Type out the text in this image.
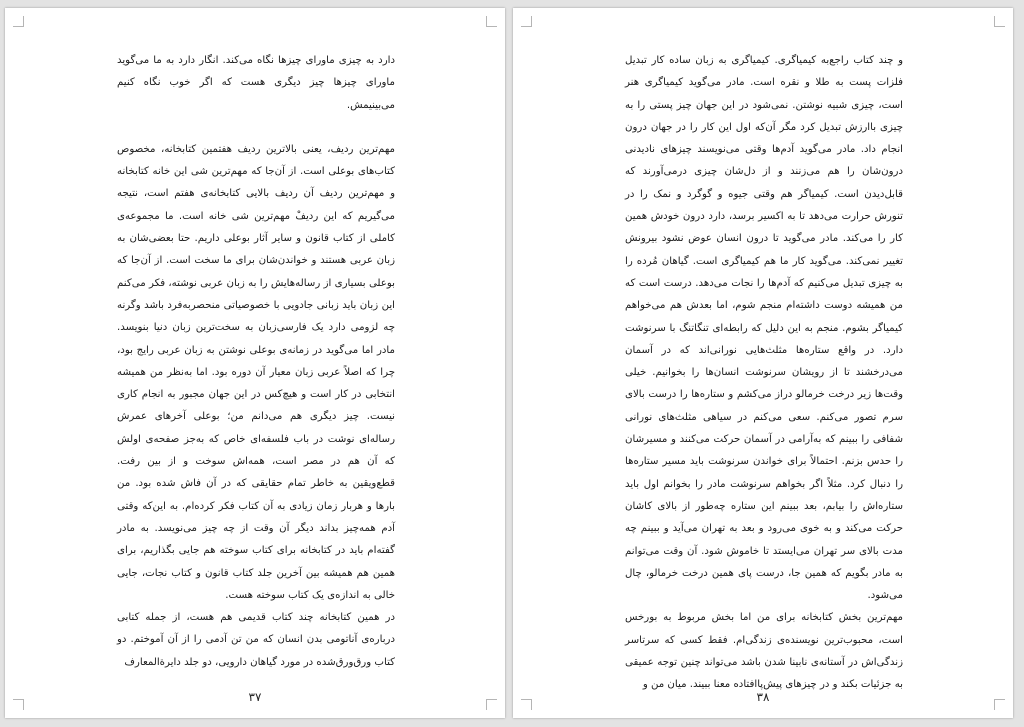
دارد به چیزی ماورای چیزها نگاه می‌کند. انگار دارد به ما می‌گوید ماورای چیزها چیز دیگری هست که اگر خوب نگاه کنیم می‌بینیمش.

مهم‌ترین ردیف، یعنی بالاترین ردیف هفتمین کتابخانه، مخصوص کتاب‌های بوعلی است. از آن‌جا که مهم‌ترین شی این خانه کتابخانه و مهم‌ترین ردیف آن ردیف بالایی کتابخانه‌ی هفتم است، نتیجه می‌گیریم که این ردیفْ مهم‌ترین شی خانه است. ما مجموعه‌ی کاملی از کتاب قانون و سایر آثار بوعلی داریم. حتا بعضی‌شان به زبان عربی هستند و خواندن‌شان برای ما سخت است. از آن‌جا که بوعلی بسیاری از رساله‌هایش را به زبان عربی نوشته، فکر می‌کنم این زبان باید زبانی جادویی با خصوصیاتی منحصربه‌فرد باشد وگرنه چه لزومی دارد یک فارسی‌زبان به سخت‌ترین زبان دنیا بنویسد. مادر اما می‌گوید در زمانه‌ی بوعلی نوشتن به زبان عربی رایج بود، چرا که اصلاً عربی زبان معیار آن دوره بود. اما به‌نظر من همیشه انتخابی در کار است و هیچ‌کس در این جهان مجبور به انجام کاری نیست. چیز دیگری هم می‌دانم من؛ بوعلی آخرهای عمرش رساله‌ای نوشت در باب فلسفه‌ای خاص که به‌جز صفحه‌ی اولش که آن هم در مصر است، همه‌اش سوخت و از بین رفت. قطع‌ویقین به خاطر تمام حقایقی که در آن فاش شده بود. من بارها و هربار زمان زیادی به آن کتاب فکر کرده‌ام. به این‌که وقتی آدم همه‌چیز بداند دیگر آن وقت از چه چیز می‌نویسد. به مادر گفته‌ام باید در کتابخانه برای کتاب سوخته هم جایی بگذاریم، برای همین هم همیشه بین آخرین جلد کتاب قانون و کتاب نجات، جایی خالی به اندازه‌ی یک کتاب سوخته هست.

در همین کتابخانه چند کتاب قدیمی هم هست، از جمله کتابی درباره‌ی آناتومی بدن انسان که من تن آدمی را از آن آموختم. دو کتاب ورق‌ورق‌شده در مورد گیاهان دارویی، دو جلد دایرة‌المعارف

۳۷

و چند کتاب راجع‌به کیمیاگری. کیمیاگری به زبان ساده کار تبدیل فلزات پست به طلا و نقره است. مادر می‌گوید کیمیاگری هنر است، چیزی شبیه نوشتن. نمی‌شود در این جهان چیز پستی را به چیزی باارزش تبدیل کرد مگر آن‌که اول این کار را در جهان درون انجام داد. مادر می‌گوید آدم‌ها وقتی می‌نویسند چیزهای نادیدنی درون‌شان را هم می‌زنند و از دل‌شان چیزی درمی‌آورند که قابل‌دیدن است. کیمیاگر هم وقتی جیوه و گوگرد و نمک را در تنورش حرارت می‌دهد تا به اکسیر برسد، دارد درون خودش همین کار را می‌کند. مادر می‌گوید تا درون انسان عوض نشود بیرونش تغییر نمی‌کند. می‌گوید کار ما هم کیمیاگری است. گیاهان مُرده را به چیزی تبدیل می‌کنیم که آدم‌ها را نجات می‌دهد. درست است که من همیشه دوست داشته‌ام منجم شوم، اما بعدش هم می‌خواهم کیمیاگر بشوم. منجم به این دلیل که رابطه‌ای تنگاتنگ با سرنوشت دارد. در واقع ستاره‌ها مثلث‌هایی نورانی‌اند که در آسمان می‌درخشند تا از رویشان سرنوشت انسان‌ها را بخوانیم. خیلی وقت‌ها زیر درخت خرمالو دراز می‌کشم و ستاره‌ها را درست بالای سرم تصور می‌کنم. سعی می‌کنم در سیاهی مثلث‌های نورانی شفافی را ببینم که به‌آرامی در آسمان حرکت می‌کنند و مسیرشان را حدس بزنم. احتمالاً برای خواندن سرنوشت باید مسیر ستاره‌ها را دنبال کرد. مثلاً اگر بخواهم سرنوشت مادر را بخوانم اول باید ستاره‌اش را بیابم، بعد ببینم این ستاره چه‌طور از بالای کاشان حرکت می‌کند و به خوی می‌رود و بعد به تهران می‌آید و ببینم چه مدت بالای سر تهران می‌ایستد تا خاموش شود. آن وقت می‌توانم به مادر بگویم که همین جا، درست پای همین درخت خرمالو، چال می‌شود.

مهم‌ترین بخش کتابخانه برای من اما بخش مربوط به بورخس است، محبوب‌ترین نویسنده‌ی زندگی‌ام. فقط کسی که سرتاسر زندگی‌اش در آستانه‌ی نابینا شدن باشد می‌تواند چنین توجه عمیقی به جزئیات بکند و در چیزهای پیش‌پاافتاده معنا ببیند. میان من و

۳۸
